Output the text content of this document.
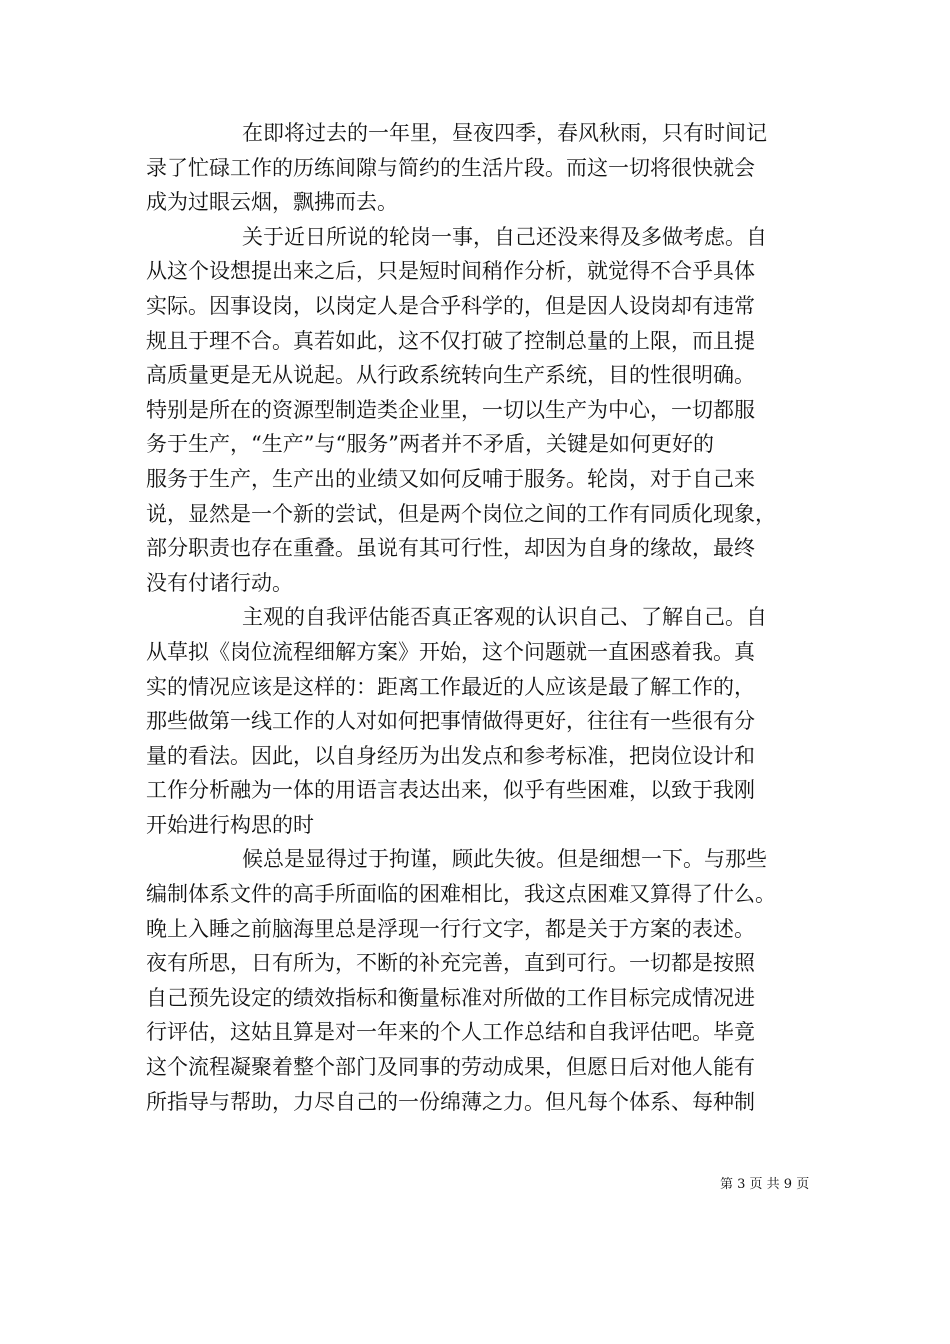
在即将过去的一年里，昼夜四季，春风秋雨，只有时间记
录了忙碌工作的历练间隙与简约的生活片段。而这一切将很快就会
成为过眼云烟，飘拂而去。
关于近日所说的轮岗一事，自己还没来得及多做考虑。自
从这个设想提出来之后，只是短时间稍作分析，就觉得不合乎具体
实际。因事设岗，以岗定人是合乎科学的，但是因人设岗却有违常
规且于理不合。真若如此，这不仅打破了控制总量的上限，而且提
高质量更是无从说起。从行政系统转向生产系统，目的性很明确。
特别是所在的资源型制造类企业里，一切以生产为中心，一切都服
务于生产，“生产”与“服务”两者并不矛盾，关键是如何更好的
服务于生产，生产出的业绩又如何反哺于服务。轮岗，对于自己来
说，显然是一个新的尝试，但是两个岗位之间的工作有同质化现象，
部分职责也存在重叠。虽说有其可行性，却因为自身的缘故，最终
没有付诸行动。
主观的自我评估能否真正客观的认识自己、了解自己。自
从草拟《岗位流程细解方案》开始，这个问题就一直困惑着我。真
实的情况应该是这样的：距离工作最近的人应该是最了解工作的，
那些做第一线工作的人对如何把事情做得更好，往往有一些很有分
量的看法。因此，以自身经历为出发点和参考标准，把岗位设计和
工作分析融为一体的用语言表达出来，似乎有些困难，以致于我刚
开始进行构思的时
候总是显得过于拘谨，顾此失彼。但是细想一下。与那些
编制体系文件的高手所面临的困难相比，我这点困难又算得了什么。
晚上入睡之前脑海里总是浮现一行行文字，都是关于方案的表述。
夜有所思，日有所为，不断的补充完善，直到可行。一切都是按照
自己预先设定的绩效指标和衡量标准对所做的工作目标完成情况进
行评估，这姑且算是对一年来的个人工作总结和自我评估吧。毕竟
这个流程凝聚着整个部门及同事的劳动成果，但愿日后对他人能有
所指导与帮助，力尽自己的一份绵薄之力。但凡每个体系、每种制
第 3 页 共 9 页
